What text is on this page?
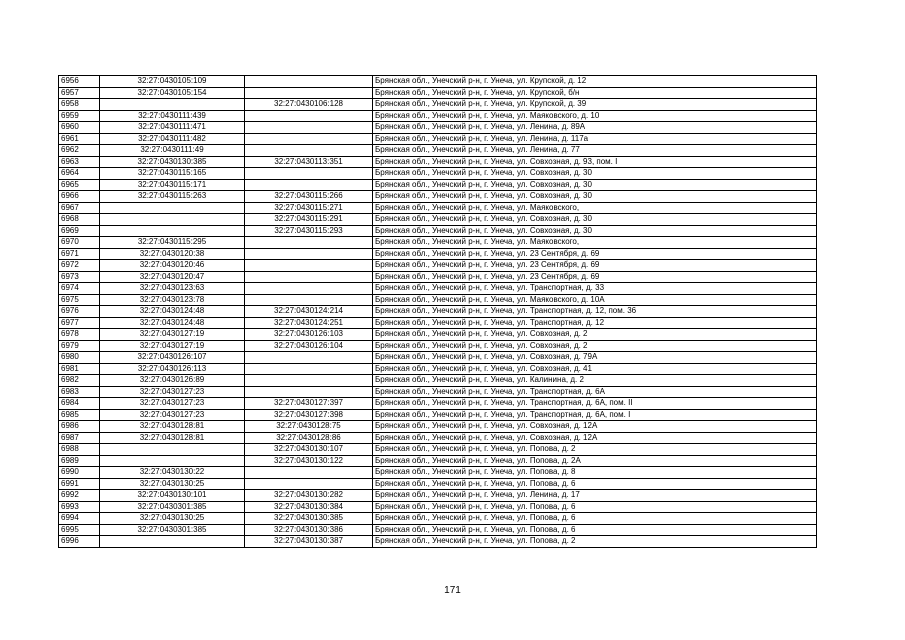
6956	32:27:0430105:109		Брянская обл., Унечский р-н, г. Унеча, ул. Крупской, д. 12
6957	32:27:0430105:154		Брянская обл., Унечский р-н, г. Унеча, ул. Крупской, б/н
6958		32:27:0430106:128	Брянская обл., Унечский р-н, г. Унеча, ул. Крупской, д. 39
6959	32:27:0430111:439		Брянская обл., Унечский р-н, г. Унеча, ул. Маяковского, д. 10
6960	32:27:0430111:471		Брянская обл., Унечский р-н, г. Унеча, ул. Ленина, д. 89А
6961	32:27:0430111:482		Брянская обл., Унечский р-н, г. Унеча, ул. Ленина, д. 117а
6962	32:27:0430111:49		Брянская обл., Унечский р-н, г. Унеча, ул. Ленина, д. 77
6963	32:27:0430130:385	32:27:0430113:351	Брянская обл., Унечский р-н, г. Унеча, ул. Совхозная, д. 93, пом. I
6964	32:27:0430115:165		Брянская обл., Унечский р-н, г. Унеча, ул. Совхозная, д. 30
6965	32:27:0430115:171		Брянская обл., Унечский р-н, г. Унеча, ул. Совхозная, д. 30
6966	32:27:0430115:263	32:27:0430115:266	Брянская обл., Унечский р-н, г. Унеча, ул. Совхозная, д. 30
6967		32:27:0430115:271	Брянская обл., Унечский р-н, г. Унеча, ул. Маяковского,
6968		32:27:0430115:291	Брянская обл., Унечский р-н, г. Унеча, ул. Совхозная, д. 30
6969		32:27:0430115:293	Брянская обл., Унечский р-н, г. Унеча, ул. Совхозная, д. 30
6970	32:27:0430115:295		Брянская обл., Унечский р-н, г. Унеча, ул. Маяковского,
6971	32:27:0430120:38		Брянская обл., Унечский р-н, г. Унеча, ул. 23 Сентября, д. 69
6972	32:27:0430120:46		Брянская обл., Унечский р-н, г. Унеча, ул. 23 Сентября, д. 69
6973	32:27:0430120:47		Брянская обл., Унечский р-н, г. Унеча, ул. 23 Сентября, д. 69
6974	32:27:0430123:63		Брянская обл., Унечский р-н, г. Унеча, ул. Транспортная, д. 33
6975	32:27:0430123:78		Брянская обл., Унечский р-н, г. Унеча, ул. Маяковского, д. 10А
6976	32:27:0430124:48	32:27:0430124:214	Брянская обл., Унечский р-н, г. Унеча, ул. Транспортная, д. 12, пом. 36
6977	32:27:0430124:48	32:27:0430124:251	Брянская обл., Унечский р-н, г. Унеча, ул. Транспортная, д. 12
6978	32:27:0430127:19	32:27:0430126:103	Брянская обл., Унечский р-н, г. Унеча, ул. Совхозная, д. 2
6979	32:27:0430127:19	32:27:0430126:104	Брянская обл., Унечский р-н, г. Унеча, ул. Совхозная, д. 2
6980	32:27:0430126:107		Брянская обл., Унечский р-н, г. Унеча, ул. Совхозная, д. 79А
6981	32:27:0430126:113		Брянская обл., Унечский р-н, г. Унеча, ул. Совхозная, д. 41
6982	32:27:0430126:89		Брянская обл., Унечский р-н, г. Унеча, ул. Калинина, д. 2
6983	32:27:0430127:23		Брянская обл., Унечский р-н, г. Унеча, ул. Транспортная, д. 6А
6984	32:27:0430127:23	32:27:0430127:397	Брянская обл., Унечский р-н, г. Унеча, ул. Транспортная, д. 6А, пом. II
6985	32:27:0430127:23	32:27:0430127:398	Брянская обл., Унечский р-н, г. Унеча, ул. Транспортная, д. 6А, пом. I
6986	32:27:0430128:81	32:27:0430128:75	Брянская обл., Унечский р-н, г. Унеча, ул. Совхозная, д. 12А
6987	32:27:0430128:81	32:27:0430128:86	Брянская обл., Унечский р-н, г. Унеча, ул. Совхозная, д. 12А
6988		32:27:0430130:107	Брянская обл., Унечский р-н, г. Унеча, ул. Попова, д. 2
6989		32:27:0430130:122	Брянская обл., Унечский р-н, г. Унеча, ул. Попова, д. 2А
6990	32:27:0430130:22		Брянская обл., Унечский р-н, г. Унеча, ул. Попова, д. 8
6991	32:27:0430130:25		Брянская обл., Унечский р-н, г. Унеча, ул. Попова, д. 6
6992	32:27:0430130:101	32:27:0430130:282	Брянская обл., Унечский р-н, г. Унеча, ул. Ленина, д. 17
6993	32:27:0430301:385	32:27:0430130:384	Брянская обл., Унечский р-н, г. Унеча, ул. Попова, д. 6
6994	32:27:0430130:25	32:27:0430130:385	Брянская обл., Унечский р-н, г. Унеча, ул. Попова, д. 6
6995	32:27:0430301:385	32:27:0430130:386	Брянская обл., Унечский р-н, г. Унеча, ул. Попова, д. 6
6996		32:27:0430130:387	Брянская обл., Унечский р-н, г. Унеча, ул. Попова, д. 2
171
